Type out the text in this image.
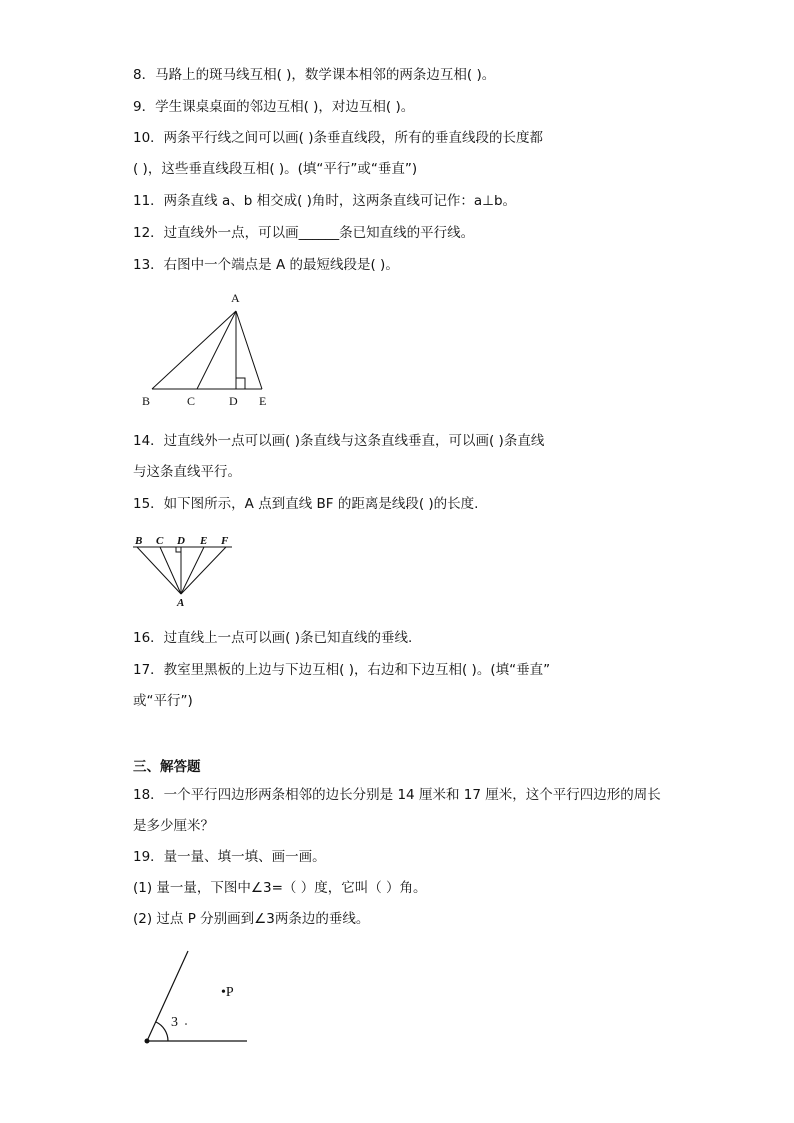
8．马路上的斑马线互相( )，数学课本相邻的两条边互相( )。
9．学生课桌桌面的邻边互相( )，对边互相( )。
10．两条平行线之间可以画( )条垂直线段，所有的垂直线段的长度都
( )，这些垂直线段互相( )。(填“平行”或“垂直”)
11．两条直线 a、b 相交成( )角时，这两条直线可记作：a⊥b。
12．过直线外一点，可以画______条已知直线的平行线。
13．右图中一个端点是 A 的最短线段是( )。
A
B	C	D E
14．过直线外一点可以画( )条直线与这条直线垂直，可以画( )条直线
与这条直线平行。
15．如下图所示，A 点到直线 BF 的距离是线段( )的长度.
B C D E F
A
16．过直线上一点可以画( )条已知直线的垂线.
17．教室里黑板的上边与下边互相( )，右边和下边互相( )。(填“垂直”
或“平行”)
三、解答题
18．一个平行四边形两条相邻的边长分别是 14 厘米和 17 厘米，这个平行四边形的周长
是多少厘米？
19．量一量、填一填、画一画。
(1) 量一量，下图中∠3=（ ）度，它叫（ ）角。
(2) 过点 P 分别画到∠3两条边的垂线。
3
•P
